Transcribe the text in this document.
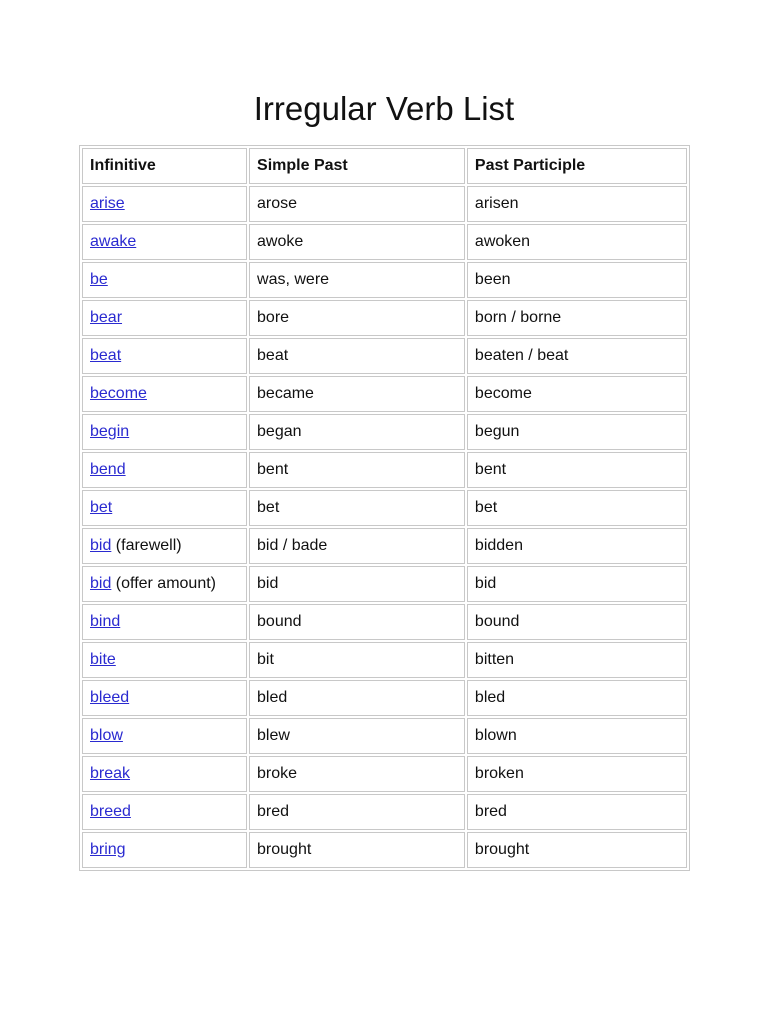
Irregular Verb List
Infinitive	Simple Past	Past Participle
arise	arose	arisen
awake	awoke	awoken
be	was, were	been
bear	bore	born / borne
beat	beat	beaten / beat
become	became	become
begin	began	begun
bend	bent	bent
bet	bet	bet
bid (farewell)	bid / bade	bidden
bid (offer amount)	bid	bid
bind	bound	bound
bite	bit	bitten
bleed	bled	bled
blow	blew	blown
break	broke	broken
breed	bred	bred
bring	brought	brought
